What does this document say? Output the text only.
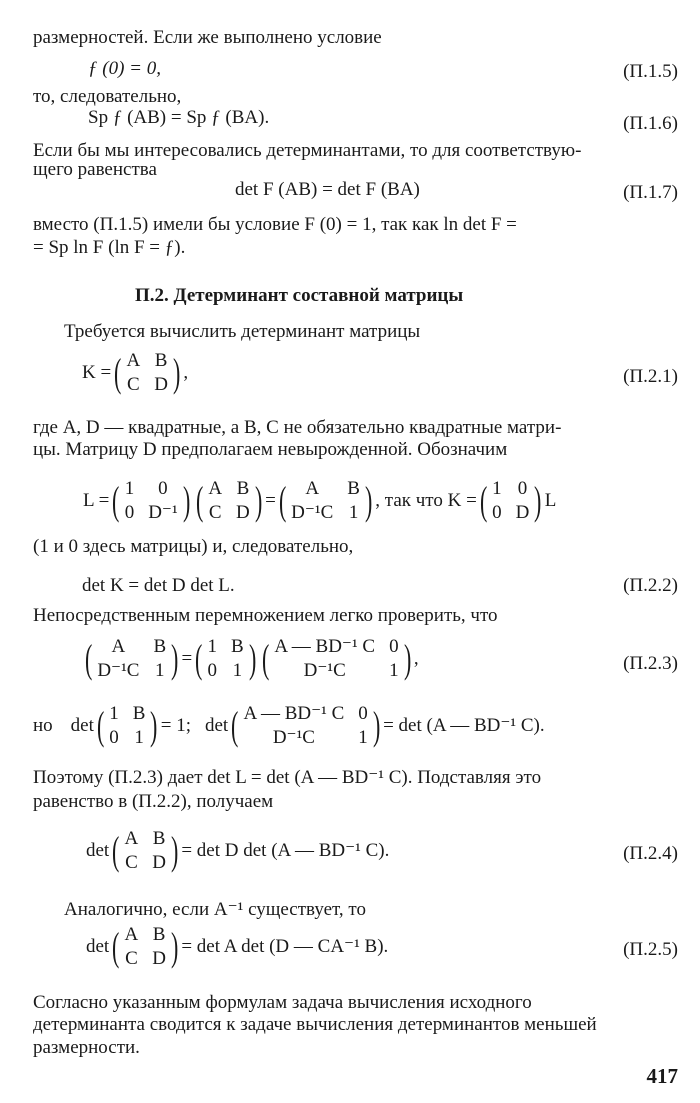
размерностей. Если же выполнено условие
ƒ (0) = 0,	(П.1.5)
то, следовательно,
Sp ƒ (AB) = Sp ƒ (BA).	(П.1.6)
Если бы мы интересовались детерминантами, то для соответствую-
щего равенства
det F (AB) = det F (BA)	(П.1.7)
вместо (П.1.5) имели бы условие F (0) = 1, так как ln det F =
= Sp ln F (ln F = ƒ).
П.2. Детерминант составной матрицы
Требуется вычислить детерминант матрицы
K = ( A B
C D ) ,	(П.2.1)
где A, D — квадратные, а B, C не обязательно квадратные матри-
цы. Матрицу D предполагаем невырожденной. Обозначим
L = ( 1	0
0 D⁻¹ ) ( A B
C D ) = (	A	B
D⁻¹C 1 ) , так что K = ( 1 0
0 D ) L
(1 и 0 здесь матрицы) и, следовательно,
det K = det D det L.	(П.2.2)
Непосредственным перемножением легко проверить, что
(	A	B
D⁻¹C 1 ) = ( 1 B
0 1 ) ( A — BD⁻¹ C 0
D⁻¹C	1 ) ,	(П.2.3)
но det ( 1 B
0 1 ) = 1; det ( A — BD⁻¹ C 0
D⁻¹C	1 ) = det (A — BD⁻¹ C).
Поэтому (П.2.3) дает det L = det (A — BD⁻¹ C). Подставляя это
равенство в (П.2.2), получаем
det ( A B
C D ) = det D det (A — BD⁻¹ C).	(П.2.4)
Аналогично, если A⁻¹ существует, то
det ( A B
C D ) = det A det (D — CA⁻¹ B).	(П.2.5)
Согласно указанным формулам задача вычисления исходного
детерминанта сводится к задаче вычисления детерминантов меньшей
размерности.
417
